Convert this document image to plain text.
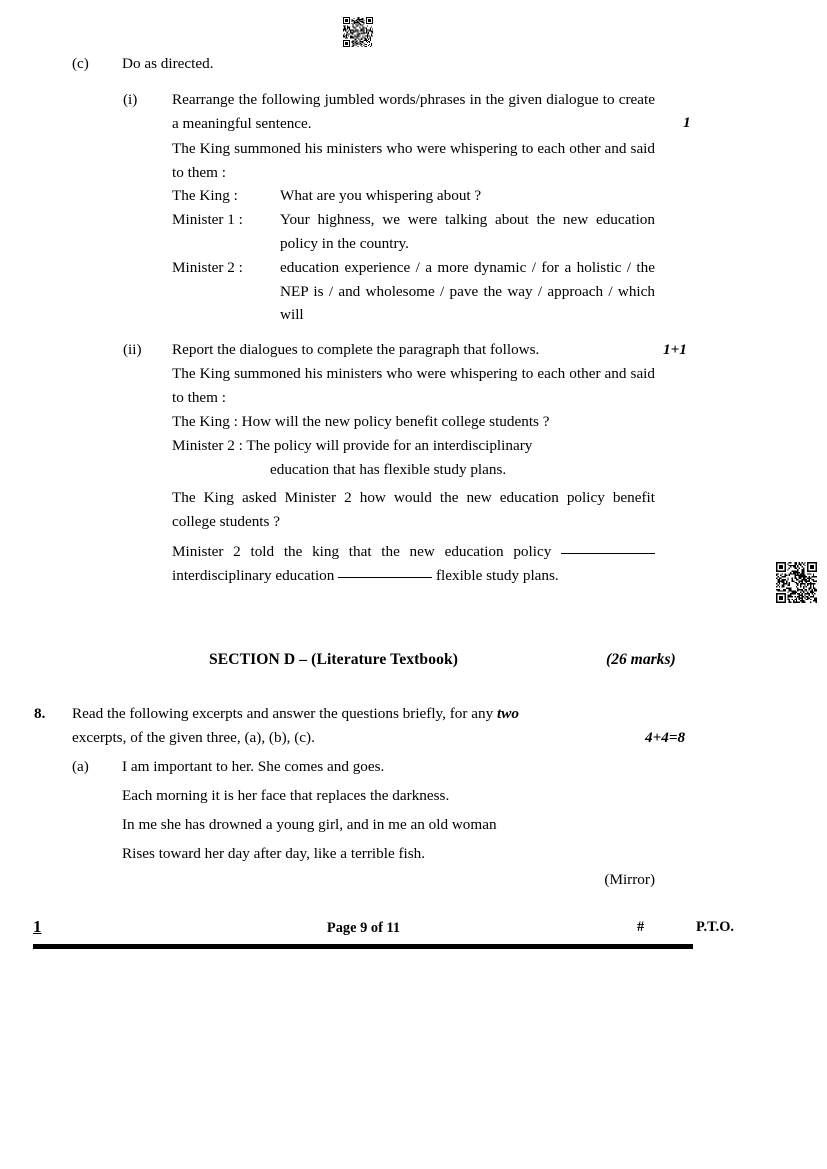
(c) Do as directed.
(i) Rearrange the following jumbled words/phrases in the given dialogue to create a meaningful sentence.	1
The King summoned his ministers who were whispering to each other and said to them :
The King :	What are you whispering about ?
Minister 1 : Your highness, we were talking about the new education policy in the country.
Minister 2 : education experience / a more dynamic / for a holistic / the NEP is / and wholesome / pave the way / approach / which will
(ii) Report the dialogues to complete the paragraph that follows.	1+1
The King summoned his ministers who were whispering to each other and said to them :
The King : How will the new policy benefit college students ?
Minister 2 : The policy will provide for an interdisciplinary
education that has flexible study plans.
The King asked Minister 2 how would the new education policy benefit college students ?
Minister 2 told the king that the new education policy  interdisciplinary education	flexible study plans.
SECTION D – (Literature Textbook)	(26 marks)
8. Read the following excerpts and answer the questions briefly, for any two
excerpts, of the given three, (a), (b), (c).	4+4=8
(a) I am important to her. She comes and goes.
Each morning it is her face that replaces the darkness.
In me she has drowned a young girl, and in me an old woman
Rises toward her day after day, like a terrible fish.
(Mirror)
1	Page 9 of 11	#	P.T.O.
